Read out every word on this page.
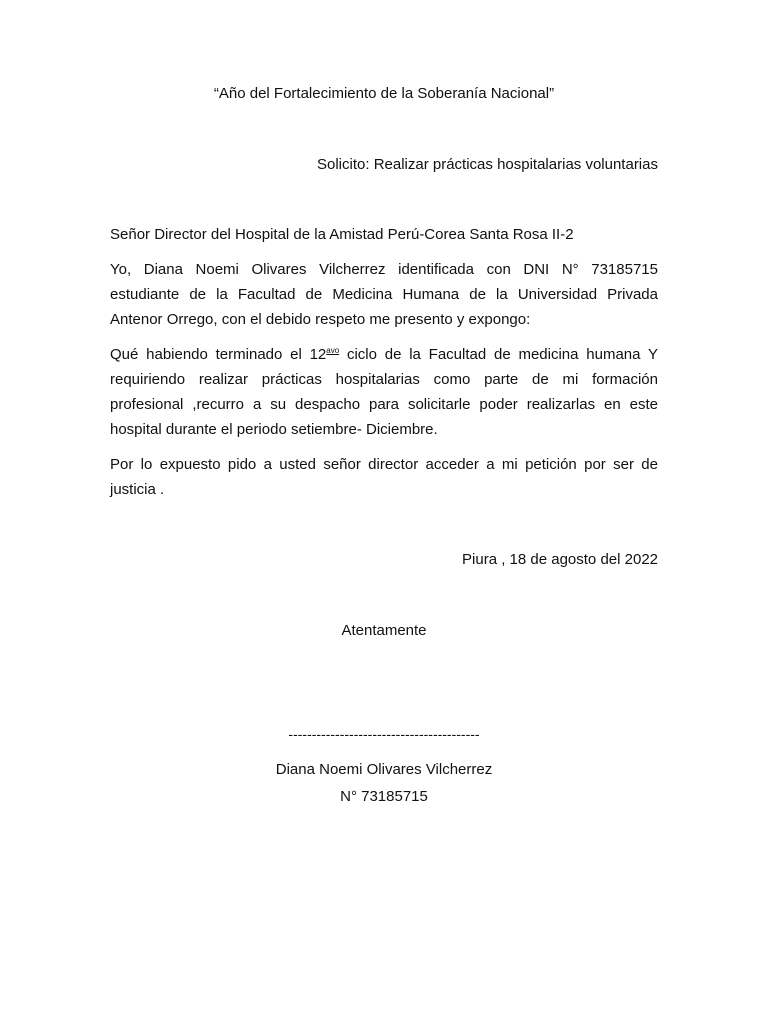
“Año del Fortalecimiento de la Soberanía Nacional”
Solicito: Realizar prácticas hospitalarias voluntarias
Señor Director del Hospital de la Amistad Perú-Corea Santa Rosa II-2
Yo, Diana Noemi Olivares Vilcherrez identificada con DNI N° 73185715
estudiante de la Facultad de Medicina Humana de la Universidad Privada
Antenor Orrego, con el debido respeto me presento y expongo:
Qué habiendo terminado el $12^{avo}$ ciclo de la Facultad de medicina humana Y
requiriendo realizar prácticas hospitalarias como parte de mi formación
profesional ,recurro a su despacho para solicitarle poder realizarlas en este
hospital durante el periodo setiembre- Diciembre.
Por lo expuesto pido a usted señor director acceder a mi petición por ser de
justicia .
Piura , 18 de agosto del 2022
Atentamente
-----------------------------------------
Diana Noemi Olivares Vilcherrez
N° 73185715
